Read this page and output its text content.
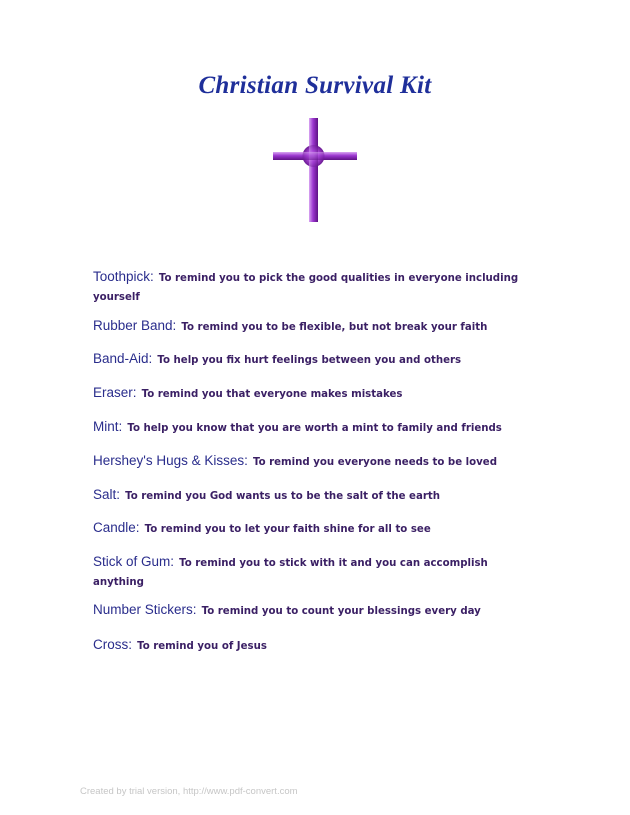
Christian Survival Kit

Toothpick: To remind you to pick the good qualities in everyone including yourself

Rubber Band: To remind you to be flexible, but not break your faith

Band-Aid: To help you fix hurt feelings between you and others

Eraser: To remind you that everyone makes mistakes

Mint: To help you know that you are worth a mint to family and friends

Hershey's Hugs & Kisses: To remind you everyone needs to be loved

Salt: To remind you God wants us to be the salt of the earth

Candle: To remind you to let your faith shine for all to see

Stick of Gum: To remind you to stick with it and you can accomplish anything

Number Stickers: To remind you to count your blessings every day

Cross: To remind you of Jesus

Created by trial version, http://www.pdf-convert.com
